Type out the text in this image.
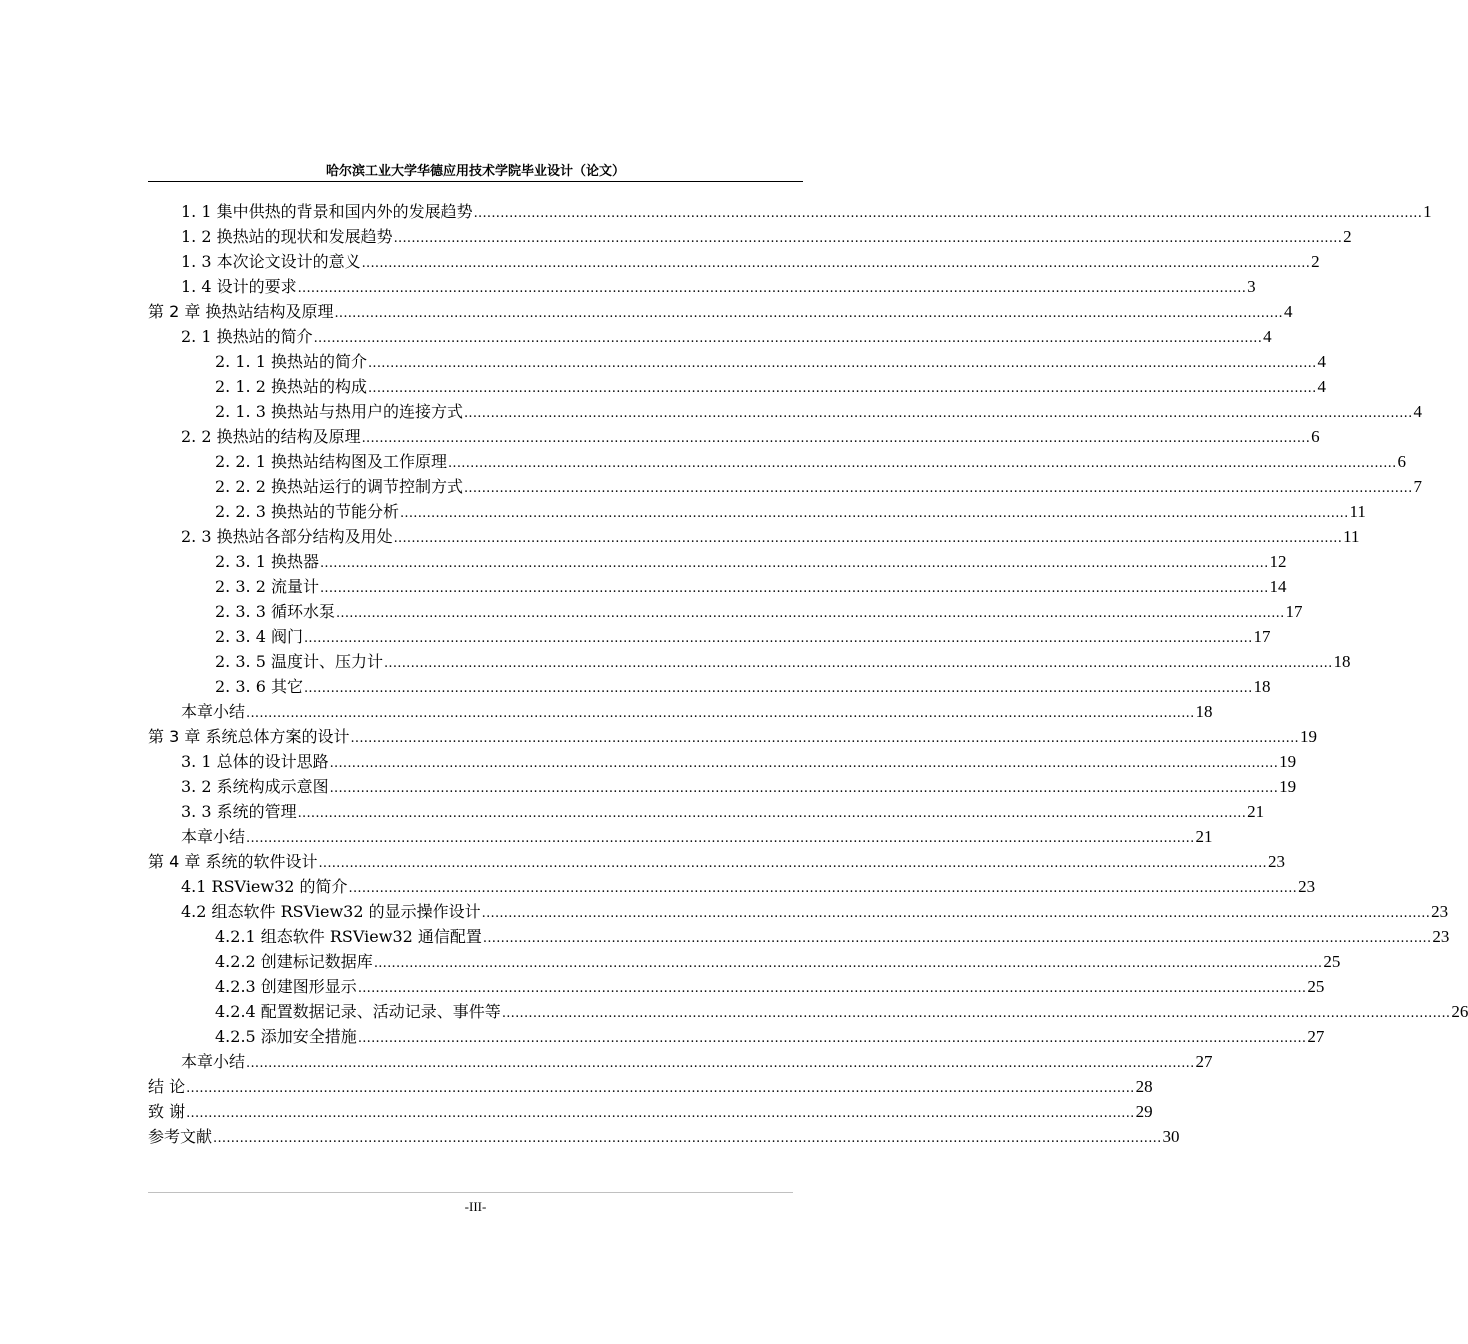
哈尔滨工业大学华德应用技术学院毕业设计（论文）
1. 1 集中供热的背景和国内外的发展趋势 ...................................................................................................................................................................................................................... 1
1. 2 换热站的现状和发展趋势 ...................................................................................................................................................................................................................... 2
1. 3 本次论文设计的意义 ...................................................................................................................................................................................................................... 2
1. 4 设计的要求 ...................................................................................................................................................................................................................... 3
第 2 章 换热站结构及原理 ...................................................................................................................................................................................................................... 4
2. 1 换热站的简介 ...................................................................................................................................................................................................................... 4
2. 1. 1 换热站的简介 ...................................................................................................................................................................................................................... 4
2. 1. 2 换热站的构成 ...................................................................................................................................................................................................................... 4
2. 1. 3 换热站与热用户的连接方式 ...................................................................................................................................................................................................................... 4
2. 2 换热站的结构及原理 ...................................................................................................................................................................................................................... 6
2. 2. 1 换热站结构图及工作原理 ...................................................................................................................................................................................................................... 6
2. 2. 2 换热站运行的调节控制方式 ...................................................................................................................................................................................................................... 7
2. 2. 3 换热站的节能分析 ...................................................................................................................................................................................................................... 11
2. 3 换热站各部分结构及用处 ...................................................................................................................................................................................................................... 11
2. 3. 1 换热器 ...................................................................................................................................................................................................................... 12
2. 3. 2 流量计 ...................................................................................................................................................................................................................... 14
2. 3. 3 循环水泵 ...................................................................................................................................................................................................................... 17
2. 3. 4 阀门 ...................................................................................................................................................................................................................... 17
2. 3. 5 温度计、压力计 ...................................................................................................................................................................................................................... 18
2. 3. 6 其它 ...................................................................................................................................................................................................................... 18
本章小结 ...................................................................................................................................................................................................................... 18
第 3 章 系统总体方案的设计 ...................................................................................................................................................................................................................... 19
3. 1 总体的设计思路 ...................................................................................................................................................................................................................... 19
3. 2 系统构成示意图 ...................................................................................................................................................................................................................... 19
3. 3 系统的管理 ...................................................................................................................................................................................................................... 21
本章小结 ...................................................................................................................................................................................................................... 21
第 4 章 系统的软件设计 ...................................................................................................................................................................................................................... 23
4.1 RSView32 的简介 ...................................................................................................................................................................................................................... 23
4.2 组态软件 RSView32 的显示操作设计 ...................................................................................................................................................................................................................... 23
4.2.1 组态软件 RSView32 通信配置 ...................................................................................................................................................................................................................... 23
4.2.2 创建标记数据库 ...................................................................................................................................................................................................................... 25
4.2.3 创建图形显示 ...................................................................................................................................................................................................................... 25
4.2.4 配置数据记录、活动记录、事件等 ...................................................................................................................................................................................................................... 26
4.2.5 添加安全措施 ...................................................................................................................................................................................................................... 27
本章小结 ...................................................................................................................................................................................................................... 27
结 论 ...................................................................................................................................................................................................................... 28
致 谢 ...................................................................................................................................................................................................................... 29
参考文献 ...................................................................................................................................................................................................................... 30
-III-
